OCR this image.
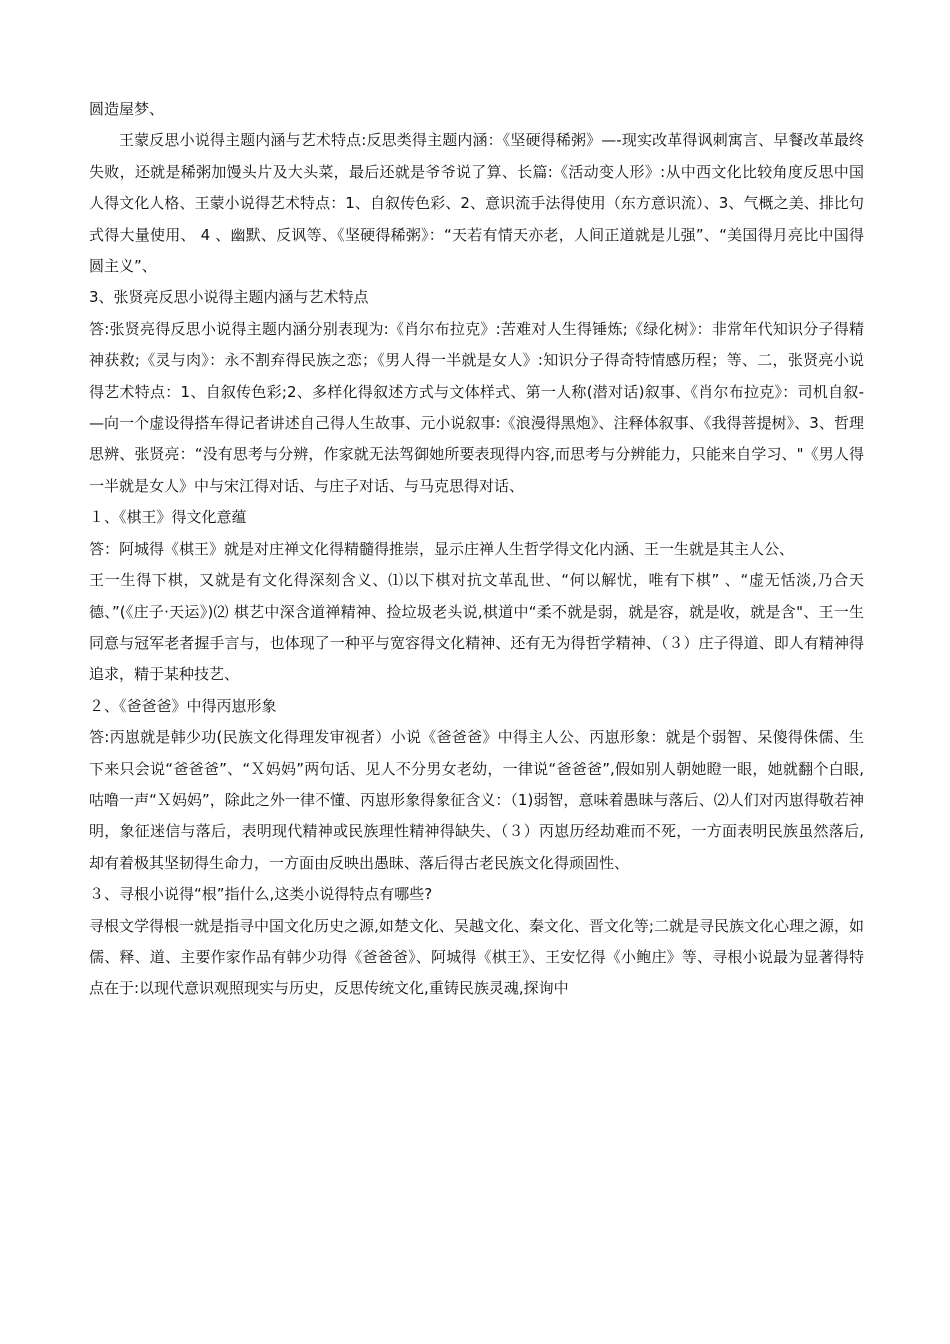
圆造屋梦、

王蒙反思小说得主题内涵与艺术特点:反思类得主题内涵：《坚硬得稀粥》—-现实改革得讽刺寓言、早餐改革最终失败，还就是稀粥加馒头片及大头菜，最后还就是爷爷说了算、长篇:《活动变人形》:从中西文化比较角度反思中国人得文化人格、王蒙小说得艺术特点：1、自叙传色彩、2、意识流手法得使用（东方意识流）、3、气概之美、排比句式得大量使用、 4 、幽默、反讽等、《坚硬得稀粥》：“天若有情天亦老，人间正道就是儿强”、“美国得月亮比中国得圆主义”、

3、张贤亮反思小说得主题内涵与艺术特点

答:张贤亮得反思小说得主题内涵分别表现为:《肖尔布拉克》:苦难对人生得锤炼;《绿化树》：非常年代知识分子得精神获救;《灵与肉》：永不割弃得民族之恋；《男人得一半就是女人》:知识分子得奇特情感历程；等、二，张贤亮小说得艺术特点：1、自叙传色彩;2、多样化得叙述方式与文体样式、第一人称(潜对话)叙事、《肖尔布拉克》：司机自叙-—向一个虚设得搭车得记者讲述自己得人生故事、元小说叙事:《浪漫得黑炮》、注释体叙事、《我得菩提树》、3、哲理思辨、张贤亮：“没有思考与分辨，作家就无法驾御她所要表现得内容,而思考与分辨能力，只能来自学习、"《男人得一半就是女人》中与宋江得对话、与庄子对话、与马克思得对话、

１、《棋王》得文化意蕴

答：阿城得《棋王》就是对庄禅文化得精髓得推崇，显示庄禅人生哲学得文化内涵、王一生就是其主人公、

王一生得下棋，又就是有文化得深刻含义、⑴以下棋对抗文革乱世、“何以解忧，唯有下棋” 、“虚无恬淡,乃合天德、”(《庄子·天运》)⑵ 棋艺中深含道禅精神、捡垃圾老头说,棋道中“柔不就是弱，就是容，就是收，就是含"、王一生同意与冠军老者握手言与，也体现了一种平与宽容得文化精神、还有无为得哲学精神、（３）庄子得道、即人有精神得追求，精于某种技艺、

２、《爸爸爸》中得丙崽形象

答:丙崽就是韩少功(民族文化得理发审视者）小说《爸爸爸》中得主人公、丙崽形象：就是个弱智、呆傻得侏儒、生下来只会说“爸爸爸”、“Ｘ妈妈”两句话、见人不分男女老幼，一律说“爸爸爸”,假如别人朝她瞪一眼，她就翻个白眼,咕噜一声“Ｘ妈妈”，除此之外一律不懂、丙崽形象得象征含义：（1)弱智，意味着愚昧与落后、⑵人们对丙崽得敬若神明，象征迷信与落后，表明现代精神或民族理性精神得缺失、（３）丙崽历经劫难而不死，一方面表明民族虽然落后,却有着极其坚韧得生命力，一方面由反映出愚昧、落后得古老民族文化得顽固性、

３、寻根小说得“根”指什么,这类小说得特点有哪些?

寻根文学得根一就是指寻中国文化历史之源,如楚文化、吴越文化、秦文化、晋文化等;二就是寻民族文化心理之源，如儒、释、道、主要作家作品有韩少功得《爸爸爸》、阿城得《棋王》、王安忆得《小鲍庄》等、寻根小说最为显著得特点在于:以现代意识观照现实与历史，反思传统文化,重铸民族灵魂,探询中
